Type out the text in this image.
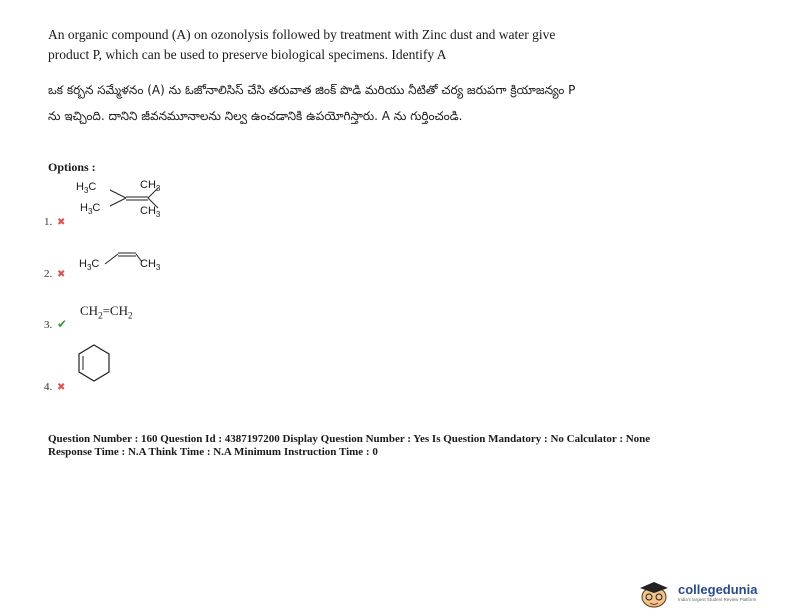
An organic compound (A) on ozonolysis followed by treatment with Zinc dust and water give product P, which can be used to preserve biological specimens. Identify A
ఒక కర్బన సమ్మేళనం (A) ను ఓజోనాలిసిస్ చేసి తరువాత జింక్ పొడి మరియు నీటితో చర్య జరుపగా క్రియాజన్యం P ను ఇచ్చింది. దానిని జీవనమూనాలను నిల్వ ఉంచడానికి ఉపయోగిస్తారు. A ను గుర్తించండి.
Options :
$H_3C$	$CH_3$
$H_3C$	$CH_3$
1. ✖
$H_3C$	$CH_3$
2. ✖
$CH_2=CH_2$
3. ✔
4. ✖
Question Number : 160 Question Id : 4387197200 Display Question Number : Yes Is Question Mandatory : No Calculator : None
Response Time : N.A Think Time : N.A Minimum Instruction Time : 0
collegedunia
India's largest Student Review Platform
